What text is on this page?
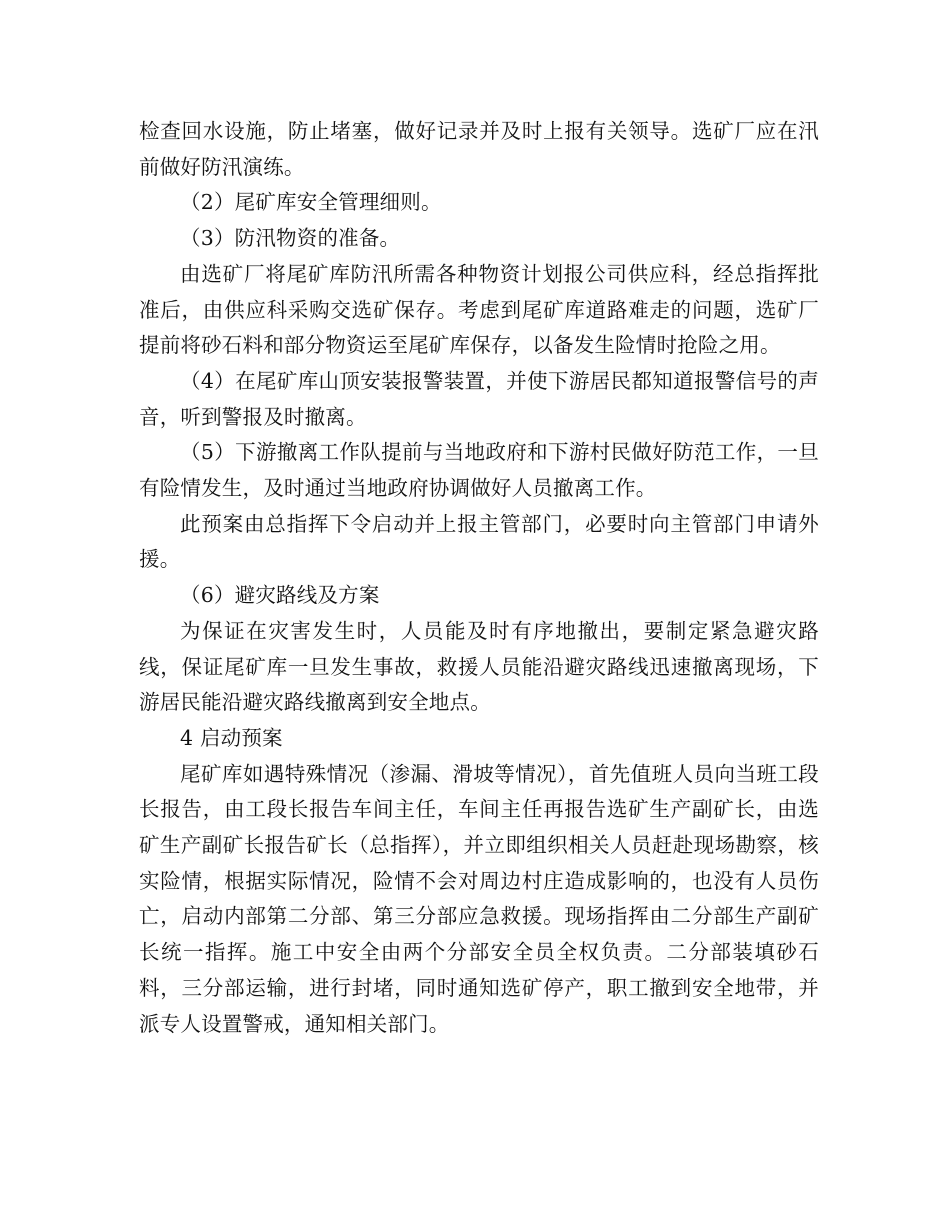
检查回水设施，防止堵塞，做好记录并及时上报有关领导。选矿厂应在汛前做好防汛演练。

（2）尾矿库安全管理细则。

（3）防汛物资的准备。

由选矿厂将尾矿库防汛所需各种物资计划报公司供应科，经总指挥批准后，由供应科采购交选矿保存。考虑到尾矿库道路难走的问题，选矿厂提前将砂石料和部分物资运至尾矿库保存，以备发生险情时抢险之用。

（4）在尾矿库山顶安装报警装置，并使下游居民都知道报警信号的声音，听到警报及时撤离。

（5）下游撤离工作队提前与当地政府和下游村民做好防范工作，一旦有险情发生，及时通过当地政府协调做好人员撤离工作。

此预案由总指挥下令启动并上报主管部门，必要时向主管部门申请外援。

（6）避灾路线及方案

为保证在灾害发生时，人员能及时有序地撤出，要制定紧急避灾路线，保证尾矿库一旦发生事故，救援人员能沿避灾路线迅速撤离现场，下游居民能沿避灾路线撤离到安全地点。

4 启动预案

尾矿库如遇特殊情况（渗漏、滑坡等情况），首先值班人员向当班工段长报告，由工段长报告车间主任，车间主任再报告选矿生产副矿长，由选矿生产副矿长报告矿长（总指挥），并立即组织相关人员赶赴现场勘察，核实险情，根据实际情况，险情不会对周边村庄造成影响的，也没有人员伤亡，启动内部第二分部、第三分部应急救援。现场指挥由二分部生产副矿长统一指挥。施工中安全由两个分部安全员全权负责。二分部装填砂石料，三分部运输，进行封堵，同时通知选矿停产，职工撤到安全地带，并派专人设置警戒，通知相关部门。
